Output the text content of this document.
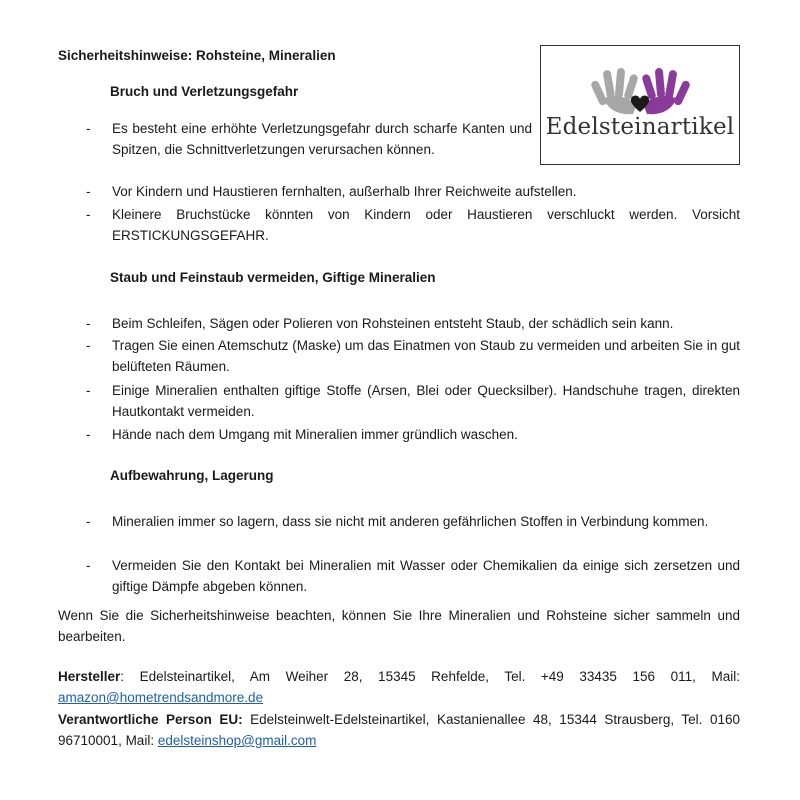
Sicherheitshinweise: Rohsteine, Mineralien
Edelsteinartikel
Bruch und Verletzungsgefahr
- Es besteht eine erhöhte Verletzungsgefahr durch scharfe Kanten und Spitzen, die Schnittverletzungen verursachen können.
- Vor Kindern und Haustieren fernhalten, außerhalb Ihrer Reichweite aufstellen.
- Kleinere Bruchstücke könnten von Kindern oder Haustieren verschluckt werden. Vorsicht ERSTICKUNGSGEFAHR.
Staub und Feinstaub vermeiden, Giftige Mineralien
- Beim Schleifen, Sägen oder Polieren von Rohsteinen entsteht Staub, der schädlich sein kann.
- Tragen Sie einen Atemschutz (Maske) um das Einatmen von Staub zu vermeiden und arbeiten Sie in gut belüfteten Räumen.
- Einige Mineralien enthalten giftige Stoffe (Arsen, Blei oder Quecksilber). Handschuhe tragen, direkten Hautkontakt vermeiden.
- Hände nach dem Umgang mit Mineralien immer gründlich waschen.
Aufbewahrung, Lagerung
- Mineralien immer so lagern, dass sie nicht mit anderen gefährlichen Stoffen in Verbindung kommen.
- Vermeiden Sie den Kontakt bei Mineralien mit Wasser oder Chemikalien da einige sich zersetzen und giftige Dämpfe abgeben können.
Wenn Sie die Sicherheitshinweise beachten, können Sie Ihre Mineralien und Rohsteine sicher sammeln und bearbeiten.
Hersteller: Edelsteinartikel, Am Weiher 28, 15345 Rehfelde, Tel. +49 33435 156 011, Mail: amazon@hometrendsandmore.de
Verantwortliche Person EU: Edelsteinwelt-Edelsteinartikel, Kastanienallee 48, 15344 Strausberg, Tel. 0160 96710001, Mail: edelsteinshop@gmail.com
